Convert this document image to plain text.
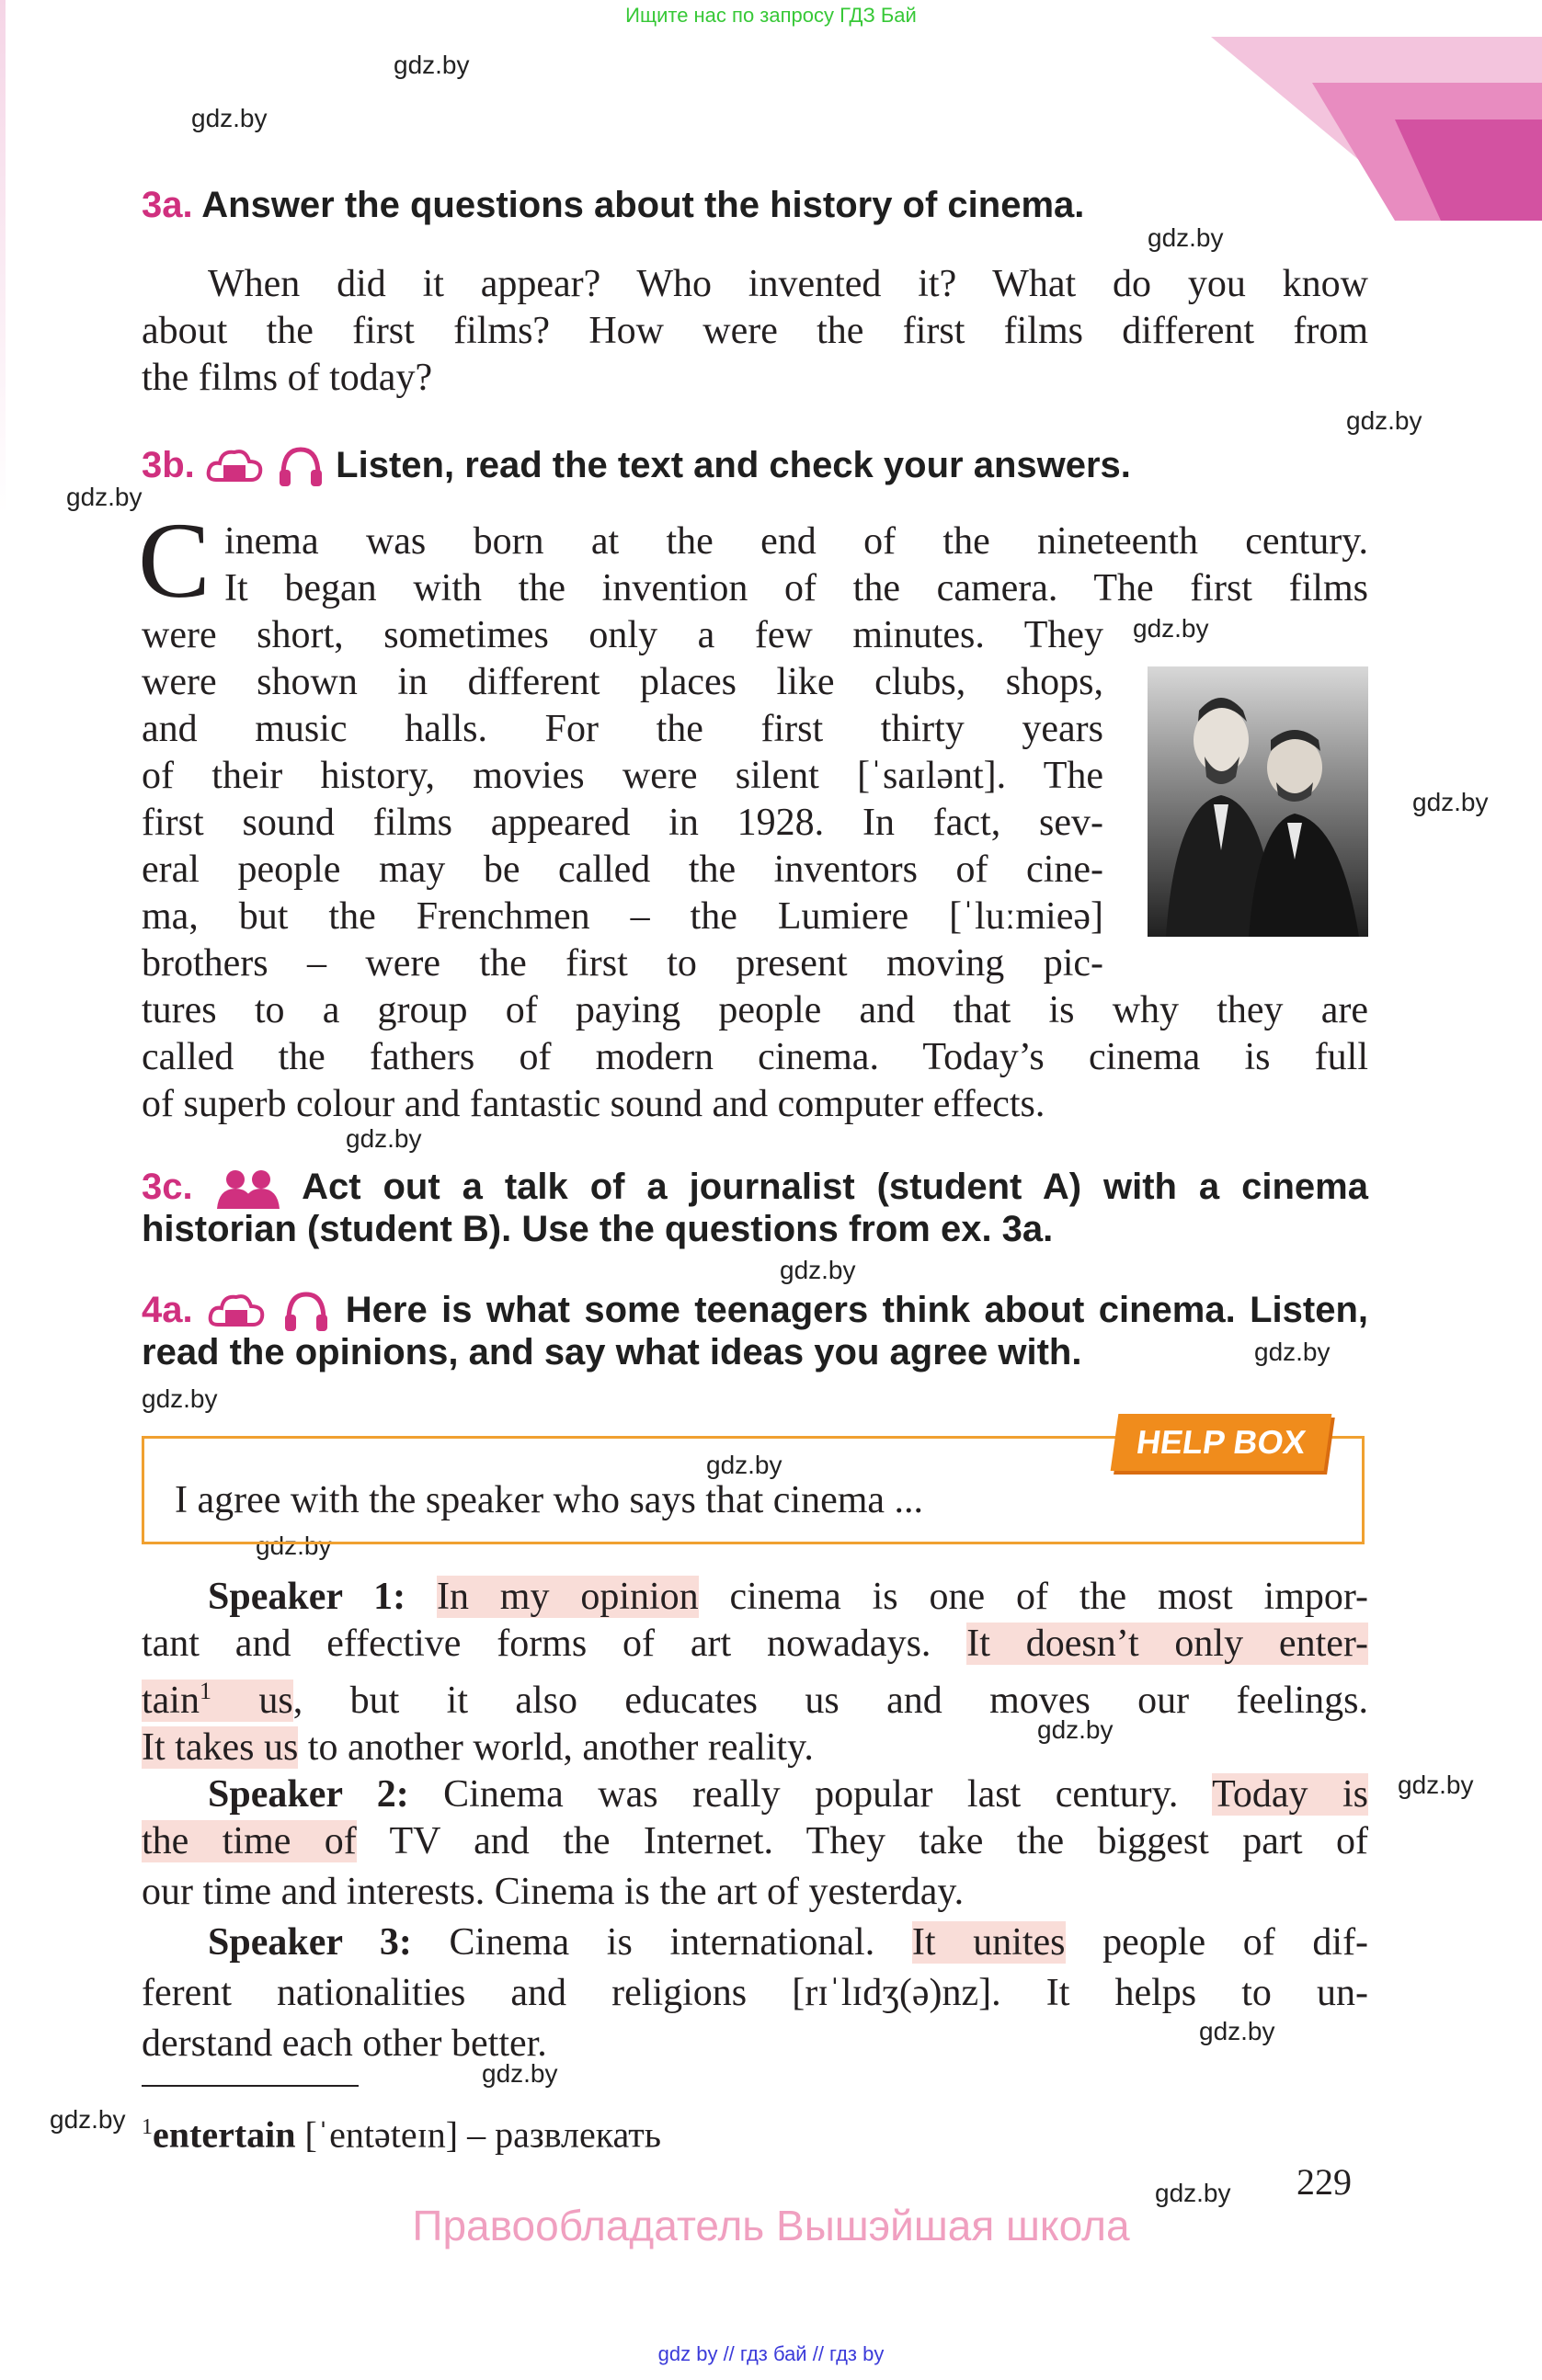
Ищите нас по запросу ГДЗ Бай
gdz.by
gdz.by
gdz.by
gdz.by
gdz.by
gdz.by
gdz.by
gdz.by
gdz.by
gdz.by
gdz.by
gdz.by
gdz.by
gdz.by
gdz.by
gdz.by
gdz.by
gdz.by
gdz.by
3a. Answer the questions about the history of cinema.
When did it appear? Who invented it? What do you know
about the first films? How were the first films different from
the films of today?
3b.	Listen, read the text and check your answers.
C inema was born at the end of the nineteenth century.
It began with the invention of the camera. The first films
were short, sometimes only a few minutes. They
were shown in different places like clubs, shops,
and music halls. For the first thirty years
of their history, movies were silent [ˈsaɪlənt]. The
first sound films appeared in 1928. In fact, sev-
eral people may be called the inventors of cine-
ma, but the Frenchmen – the Lumiere [ˈluːmieə]
brothers – were the first to present moving pic-
tures to a group of paying people and that is why they are
called the fathers of modern cinema. Today’s cinema is full
of superb colour and fantastic sound and computer effects.
3c.	Act out a talk of a journalist (student A) with a cinema
historian (student B). Use the questions from ex. 3a.
4a.	Here is what some teenagers think about cinema. Listen,
read the opinions, and say what ideas you agree with.
HELP BOX
I agree with the speaker who says that cinema ...
Speaker 1: In my opinion cinema is one of the most impor-
tant and effective forms of art nowadays. It doesn’t only enter-
tain$^1$ us, but it also educates us and moves our feelings.
It takes us to another world, another reality.
Speaker 2: Cinema was really popular last century. Today is
the time of TV and the Internet. They take the biggest part of
our time and interests. Cinema is the art of yesterday.
Speaker 3: Cinema is international. It unites people of dif-
ferent nationalities and religions [rɪˈlɪdʒ(ə)nz]. It helps to un-
derstand each other better.
$^1$entertain [ˈentəteɪn] – развлекать
229
Правообладатель Вышэйшая школа
gdz by // гдз бай // гдз by
